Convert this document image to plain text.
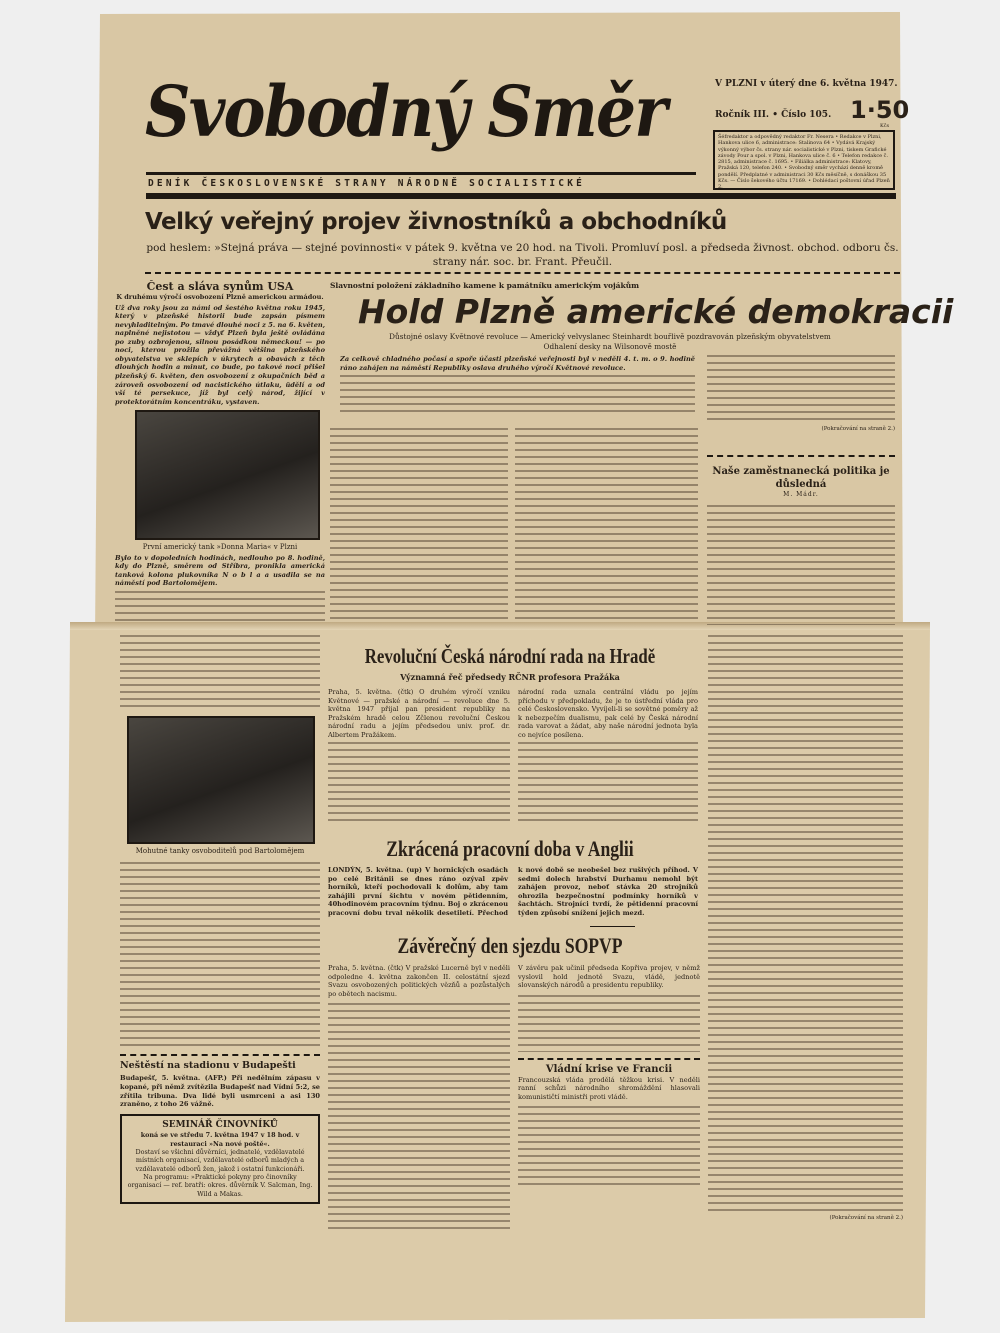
Svobodný Směr
DENÍK ČESKOSLOVENSKÉ STRANY NÁRODNĚ SOCIALISTICKÉ
V PLZNI v úterý dne 6. května 1947.
Ročník III. • Číslo 105. 1·50
Kčs
Šéfredaktor a odpovědný redaktor Fr. Nesera • Redakce v Plzni, Hankova ulice 6, administrace: Stalinova 64 • Vydává Krajský výkonný výbor čs. strany nár. socialistické v Plzni, tiskem Grafické závody Pour a spol. v Plzni, Hankova ulice č. 6 • Telefon redakce č. 2815, administrace č. 1695. • Filiálka administrace: Klatovy, Pražská 120, telefon 240. • Svobodný směr vychází denně kromě pondělí. Předplatné v administraci 30 Kčs měsíčně, s donáškou 35 Kčs. — Číslo šekového účtu 17169. • Dohlédací poštovní úřad Plzeň 2.
Velký veřejný projev živnostníků a obchodníků
pod heslem: »Stejná práva — stejné povinnosti« v pátek 9. května ve 20 hod. na Tivoli. Promluví posl. a předseda živnost. obchod. odboru čs. strany nár. soc. br. Frant. Přeučil.
Čest a sláva synům USA
K druhému výročí osvobození Plzně americkou armádou.
Už dva roky jsou za námi od šestého května roku 1945, který v plzeňské historii bude zapsán písmem nevyhladitelným. Po tmavé dlouhé noci z 5. na 6. květen, naplněné nejistotou — vždyť Plzeň byla ještě ovládána po zuby ozbrojenou, silnou posádkou německou! — po noci, kterou prožila převážná většina plzeňského obyvatelstva ve sklepích v úkrytech a obavách z těch dlouhých hodin a minut, co bude, po takové noci přišel plzeňský 6. květen, den osvobození z okupačních běd a zároveň osvobození od nacistického útlaku, ŭdělí a od vší té persekuce, jíž byl celý národ, žijící v protektorátním koncentráku, vystaven.
První americký tank »Donna Maria« v Plzni
Bylo to v dopoledních hodinách, nedlouho po 8. hodině, kdy do Plzně, směrem od Stříbra, pronikla americká tanková kolona plukovníka N o b l a a usadila se na náměstí pod Bartolomějem.
Slavnostní položení základního kamene k památníku americkým vojákům
Hold Plzně americké demokracii
Důstojné oslavy Květnové revoluce — Americký velvyslanec Steinhardt bouřlivě pozdravován plzeňským obyvatelstvem
Odhalení desky na Wilsonově mostě
Za celkově chladného počasí a spoře účasti plzeňské veřejnosti byl v neděli 4. t. m. o 9. hodině ráno zahájen na náměstí Republiky oslava druhého výročí Květnové revoluce.
(Pokračování na straně 2.)
Naše zaměstnanecká politika je důsledná
M. Mádr.
Mohutné tanky osvoboditelů pod Bartolomějem
Neštěstí na stadionu v Budapešti
Budapešť, 5. května. (AFP.) Při nedělním zápasu v kopané, při němž zvítězila Budapešť nad Vídní 5:2, se zřítila tribuna. Dva lidé byli usmrceni a asi 130 zraněno, z toho 26 vážně.
SEMINÁŘ ČINOVNÍKŮ
koná se ve středu 7. května 1947 v 18 hod. v restauraci »Na nové poště«.
Dostaví se všichni důvěrníci, jednatelé, vzdělavatelé místních organisací, vzdělavatelé odborů mladých a vzdělavatelé odborů žen, jakož i ostatní funkcionáři.
Na programu: »Praktické pokyny pro činovníky organisací — ref. bratři: okres. důvěrník V. Salcman, Ing. Wild a Makas.
Revoluční Česká národní rada na Hradě
Významná řeč předsedy RČNR profesora Pražáka
Praha, 5. května. (čtk) O druhém výročí vzniku Květnové — pražské a národní — revoluce dne 5. května 1947 přijal pan president republiky na Pražském hradě celou Zčlenou revoluční Českou národní radu a jejím předsedou univ. prof. dr. Albertem Pražákem.
národní rada uznala centrální vládu po jejím příchodu v předpokladu, že je to ústřední vláda pro celé Československo. Vyvíjeli-li se sovětné poměry až k nebezpečím dualismu, pak celé by Česká národní rada varovat a žádat, aby naše národní jednota byla co nejvíce posílena.
Zkrácená pracovní doba v Anglii
LONDÝN, 5. května. (up) V hornických osadách po celé Británii se dnes ráno ozýval zpěv horníků, kteří pochodovali k dolům, aby tam zahájili první šichtu v novém pětidenním, 40hodinovém pracovním týdnu. Boj o zkrácenou pracovní dobu trval několik desetiletí. Přechod k nové době se neobešel bez rušivých příhod. V sedmi dolech hrabství Durhamu nemohl být zahájen provoz, neboť stávka 20 strojníků ohrozila bezpečnostní podmínky horníků v šachtách. Strojníci tvrdí, že pětidenní pracovní týden způsobí snížení jejich mezd.
Závěrečný den sjezdu SOPVP
Praha, 5. května. (čtk) V pražské Lucerně byl v neděli odpoledne 4. května zakončen II. celostátní sjezd Svazu osvobozených politických vězňů a pozůstalých po obětech nacismu.
V závěru pak učinil předseda Kopřiva projev, v němž vyslovil hold jednotě Svazu, vládě, jednotě slovanských národů a presidentu republiky.
Vládní krise ve Francii
Francouzská vláda prodělá těžkou krisi. V neděli ranní schůzi národního shromáždění hlasovali komunističtí ministři proti vládě.
(Pokračování na straně 2.)
